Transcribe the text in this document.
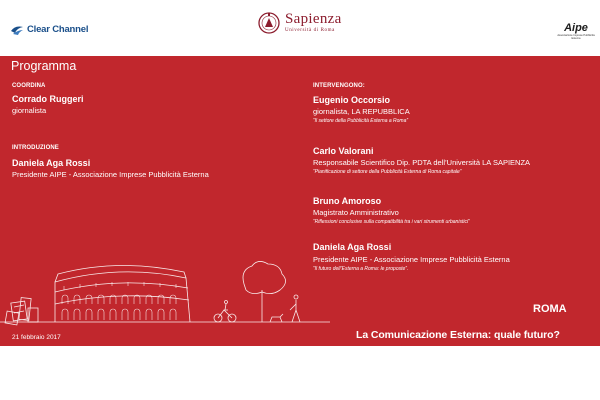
Clear Channel
Sapienza
Università di Roma	Aipe
Associazione Imprese Pubblicità Esterna
Programma
COORDINA
Corrado Ruggeri
giornalista
INTRODUZIONE
Daniela Aga Rossi
Presidente AIPE - Associazione Imprese Pubblicità Esterna
INTERVENGONO:
Eugenio Occorsio
giornalista, LA REPUBBLICA
“Il settore della Pubblicità Esterna a Roma”
Carlo Valorani
Responsabile Scientifico Dip. PDTA dell’Università LA SAPIENZA
“Pianificazione di settore della Pubblicità Esterna di Roma capitale”
Bruno Amoroso
Magistrato Amministrativo
“Riflessioni conclusive sulla compatibilità tra i vari strumenti urbanistici”
Daniela Aga Rossi
Presidente AIPE - Associazione Imprese Pubblicità Esterna
“Il futuro dell’Esterna a Roma: le proposte”.
ROMA
21 febbraio 2017	La Comunicazione Esterna: quale futuro?
